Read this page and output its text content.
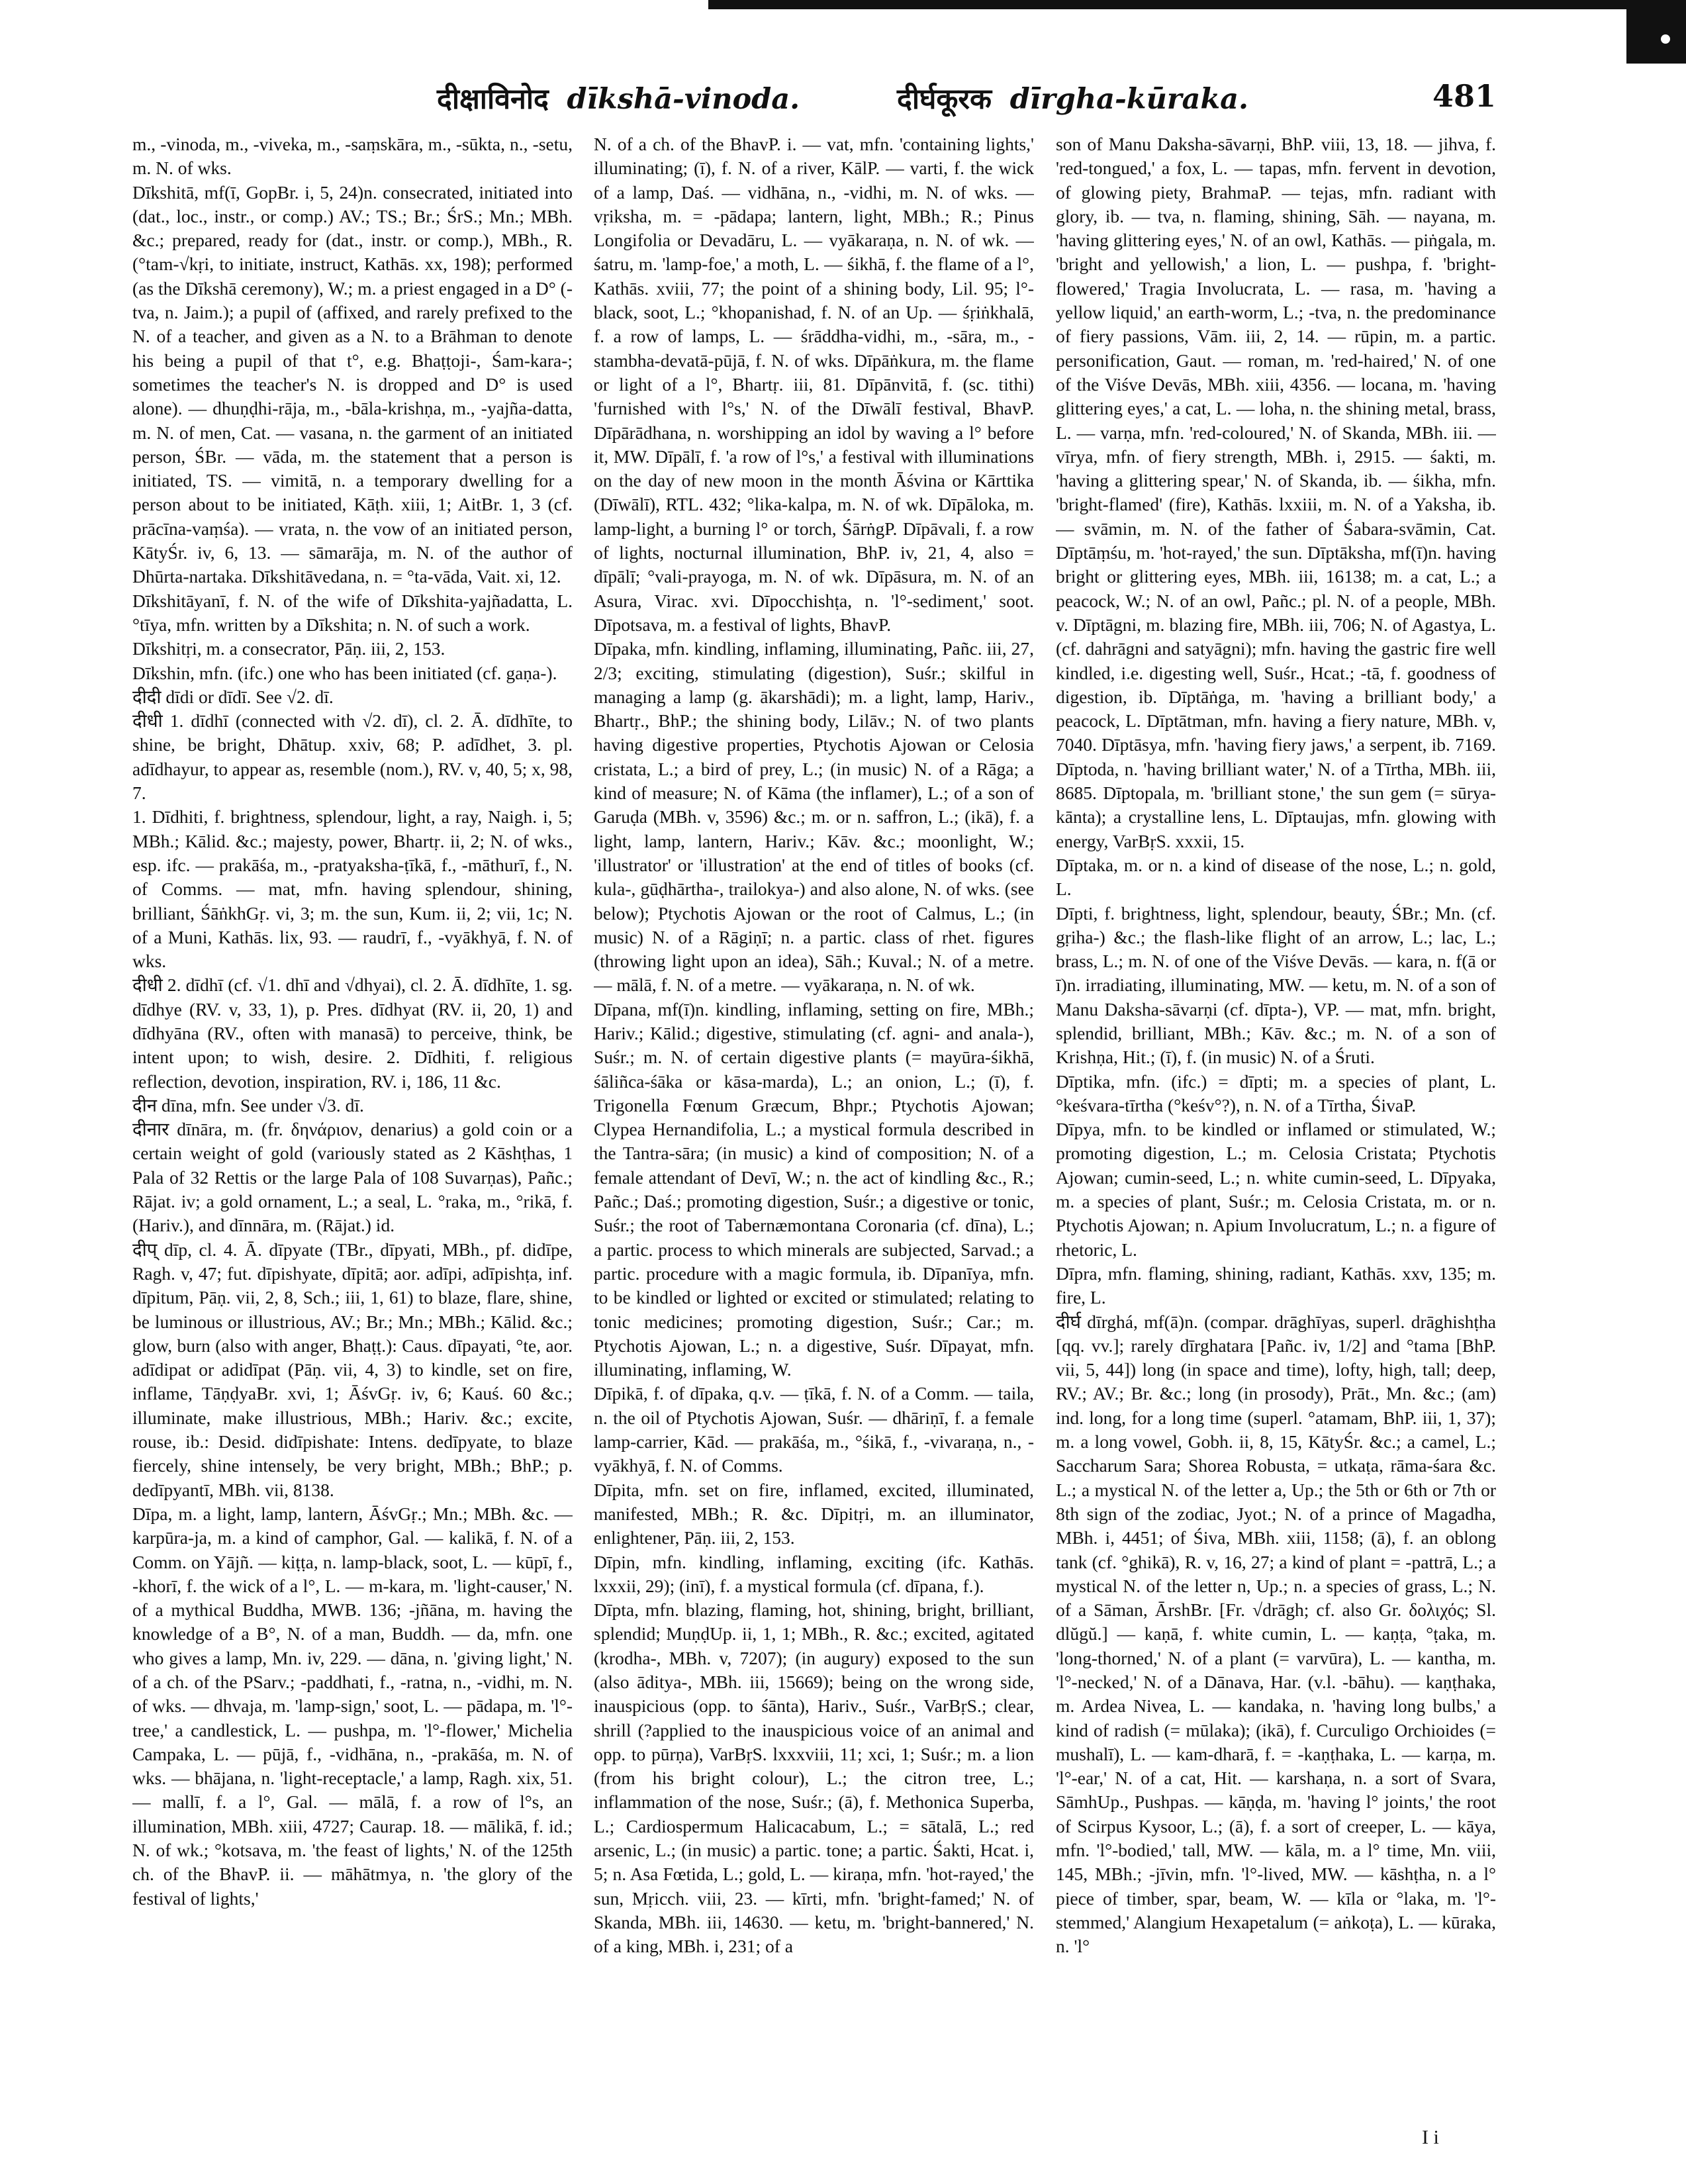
दीक्षाविनोद dīkshā-vinoda.	दीर्घकूरक dīrgha-kūraka.	481

m., -vinoda, m., -viveka, m., -saṃskāra, m., -sūkta, n., -setu, m. N. of wks.

Dīkshitā, mf(ī, GopBr. i, 5, 24)n. consecrated, initiated into (dat., loc., instr., or comp.) AV.; TS.; Br.; ŚrS.; Mn.; MBh. &c.; prepared, ready for (dat., instr. or comp.), MBh., R. (°tam-√kṛi, to initiate, instruct, Kathās. xx, 198); performed (as the Dīkshā ceremony), W.; m. a priest engaged in a D° (-tva, n. Jaim.); a pupil of (affixed, and rarely prefixed to the N. of a teacher, and given as a N. to a Brāhman to denote his being a pupil of that t°, e.g. Bhaṭṭoji-, Śam-kara-; sometimes the teacher's N. is dropped and D° is used alone). — dhuṇḍhi-rāja, m., -bāla-krishṇa, m., -yajña-datta, m. N. of men, Cat. — vasana, n. the garment of an initiated person, ŚBr. — vāda, m. the statement that a person is initiated, TS. — vimitā, n. a temporary dwelling for a person about to be initiated, Kāṭh. xiii, 1; AitBr. 1, 3 (cf. prācīna-vaṃśa). — vrata, n. the vow of an initiated person, KātyŚr. iv, 6, 13. — sāmarāja, m. N. of the author of Dhūrta-nartaka. Dīkshitāvedana, n. = °ta-vāda, Vait. xi, 12.

Dīkshitāyanī, f. N. of the wife of Dīkshita-yajñadatta, L. °tīya, mfn. written by a Dīkshita; n. N. of such a work.

Dīkshitṛi, m. a consecrator, Pāṇ. iii, 2, 153.

Dīkshin, mfn. (ifc.) one who has been initiated (cf. gaṇa-).

दीदी dīdi or dīdī. See √2. dī.

दीधी 1. dīdhī (connected with √2. dī), cl. 2. Ā. dīdhīte, to shine, be bright, Dhātup. xxiv, 68; P. adīdhet, 3. pl. adīdhayur, to appear as, resemble (nom.), RV. v, 40, 5; x, 98, 7.

1. Dīdhiti, f. brightness, splendour, light, a ray, Naigh. i, 5; MBh.; Kālid. &c.; majesty, power, Bhartṛ. ii, 2; N. of wks., esp. ifc. — prakāśa, m., -pratyaksha-ṭīkā, f., -māthurī, f., N. of Comms. — mat, mfn. having splendour, shining, brilliant, ŚāṅkhGṛ. vi, 3; m. the sun, Kum. ii, 2; vii, 1c; N. of a Muni, Kathās. lix, 93. — raudrī, f., -vyākhyā, f. N. of wks.

दीधी 2. dīdhī (cf. √1. dhī and √dhyai), cl. 2. Ā. dīdhīte, 1. sg. dīdhye (RV. v, 33, 1), p. Pres. dīdhyat (RV. ii, 20, 1) and dīdhyāna (RV., often with manasā) to perceive, think, be intent upon; to wish, desire. 2. Dīdhiti, f. religious reflection, devotion, inspiration, RV. i, 186, 11 &c.

दीन dīna, mfn. See under √3. dī.

दीनार dīnāra, m. (fr. δηνάριον, denarius) a gold coin or a certain weight of gold (variously stated as 2 Kāshṭhas, 1 Pala of 32 Rettis or the large Pala of 108 Suvarṇas), Pañc.; Rājat. iv; a gold ornament, L.; a seal, L. °raka, m., °rikā, f. (Hariv.), and dīnnāra, m. (Rājat.) id.

दीप् dīp, cl. 4. Ā. dīpyate (TBr., dīpyati, MBh., pf. didīpe, Ragh. v, 47; fut. dīpishyate, dīpitā; aor. adīpi, adīpishṭa, inf. dīpitum, Pāṇ. vii, 2, 8, Sch.; iii, 1, 61) to blaze, flare, shine, be luminous or illustrious, AV.; Br.; Mn.; MBh.; Kālid. &c.; glow, burn (also with anger, Bhaṭṭ.): Caus. dīpayati, °te, aor. adīdipat or adidīpat (Pāṇ. vii, 4, 3) to kindle, set on fire, inflame, TāṇḍyaBr. xvi, 1; ĀśvGṛ. iv, 6; Kauś. 60 &c.; illuminate, make illustrious, MBh.; Hariv. &c.; excite, rouse, ib.: Desid. didīpishate: Intens. dedīpyate, to blaze fiercely, shine intensely, be very bright, MBh.; BhP.; p. dedīpyantī, MBh. vii, 8138.

Dīpa, m. a light, lamp, lantern, ĀśvGṛ.; Mn.; MBh. &c. — karpūra-ja, m. a kind of camphor, Gal. — kalikā, f. N. of a Comm. on Yājñ. — kiṭṭa, n. lamp-black, soot, L. — kūpī, f., -khorī, f. the wick of a l°, L. — m-kara, m. 'light-causer,' N. of a mythical Buddha, MWB. 136; -jñāna, m. having the knowledge of a B°, N. of a man, Buddh. — da, mfn. one who gives a lamp, Mn. iv, 229. — dāna, n. 'giving light,' N. of a ch. of the PSarv.; -paddhati, f., -ratna, n., -vidhi, m. N. of wks. — dhvaja, m. 'lamp-sign,' soot, L. — pādapa, m. 'l°-tree,' a candlestick, L. — pushpa, m. 'l°-flower,' Michelia Campaka, L. — pūjā, f., -vidhāna, n., -prakāśa, m. N. of wks. — bhājana, n. 'light-receptacle,' a lamp, Ragh. xix, 51. — mallī, f. a l°, Gal. — mālā, f. a row of l°s, an illumination, MBh. xiii, 4727; Caurap. 18. — mālikā, f. id.; N. of wk.; °kotsava, m. 'the feast of lights,' N. of the 125th ch. of the BhavP. ii. — māhātmya, n. 'the glory of the festival of lights,'

N. of a ch. of the BhavP. i. — vat, mfn. 'containing lights,' illuminating; (ī), f. N. of a river, KālP. — varti, f. the wick of a lamp, Daś. — vidhāna, n., -vidhi, m. N. of wks. — vṛiksha, m. = -pādapa; lantern, light, MBh.; R.; Pinus Longifolia or Devadāru, L. — vyākaraṇa, n. N. of wk. — śatru, m. 'lamp-foe,' a moth, L. — śikhā, f. the flame of a l°, Kathās. xviii, 77; the point of a shining body, Lil. 95; l°-black, soot, L.; °khopanishad, f. N. of an Up. — śṛiṅkhalā, f. a row of lamps, L. — śrāddha-vidhi, m., -sāra, m., -stambha-devatā-pūjā, f. N. of wks. Dīpāṅkura, m. the flame or light of a l°, Bhartṛ. iii, 81. Dīpānvitā, f. (sc. tithi) 'furnished with l°s,' N. of the Dīwālī festival, BhavP. Dīpārādhana, n. worshipping an idol by waving a l° before it, MW. Dīpālī, f. 'a row of l°s,' a festival with illuminations on the day of new moon in the month Āśvina or Kārttika (Dīwālī), RTL. 432; °lika-kalpa, m. N. of wk. Dīpāloka, m. lamp-light, a burning l° or torch, ŚārṅgP. Dīpāvali, f. a row of lights, nocturnal illumination, BhP. iv, 21, 4, also = dīpālī; °vali-prayoga, m. N. of wk. Dīpāsura, m. N. of an Asura, Virac. xvi. Dīpocchishṭa, n. 'l°-sediment,' soot. Dīpotsava, m. a festival of lights, BhavP.

Dīpaka, mfn. kindling, inflaming, illuminating, Pañc. iii, 27, 2/3; exciting, stimulating (digestion), Suśr.; skilful in managing a lamp (g. ākarshādi); m. a light, lamp, Hariv., Bhartṛ., BhP.; the shining body, Lilāv.; N. of two plants having digestive properties, Ptychotis Ajowan or Celosia cristata, L.; a bird of prey, L.; (in music) N. of a Rāga; a kind of measure; N. of Kāma (the inflamer), L.; of a son of Garuḍa (MBh. v, 3596) &c.; m. or n. saffron, L.; (ikā), f. a light, lamp, lantern, Hariv.; Kāv. &c.; moonlight, W.; 'illustrator' or 'illustration' at the end of titles of books (cf. kula-, gūḍhārtha-, trailokya-) and also alone, N. of wks. (see below); Ptychotis Ajowan or the root of Calmus, L.; (in music) N. of a Rāgiṇī; n. a partic. class of rhet. figures (throwing light upon an idea), Sāh.; Kuval.; N. of a metre. — mālā, f. N. of a metre. — vyākaraṇa, n. N. of wk.

Dīpana, mf(ī)n. kindling, inflaming, setting on fire, MBh.; Hariv.; Kālid.; digestive, stimulating (cf. agni- and anala-), Suśr.; m. N. of certain digestive plants (= mayūra-śikhā, śāliñca-śāka or kāsa-marda), L.; an onion, L.; (ī), f. Trigonella Fœnum Græcum, Bhpr.; Ptychotis Ajowan; Clypea Hernandifolia, L.; a mystical formula described in the Tantra-sāra; (in music) a kind of composition; N. of a female attendant of Devī, W.; n. the act of kindling &c., R.; Pañc.; Daś.; promoting digestion, Suśr.; a digestive or tonic, Suśr.; the root of Tabernæmontana Coronaria (cf. dīna), L.; a partic. process to which minerals are subjected, Sarvad.; a partic. procedure with a magic formula, ib. Dīpanīya, mfn. to be kindled or lighted or excited or stimulated; relating to tonic medicines; promoting digestion, Suśr.; Car.; m. Ptychotis Ajowan, L.; n. a digestive, Suśr. Dīpayat, mfn. illuminating, inflaming, W.

Dīpikā, f. of dīpaka, q.v. — ṭīkā, f. N. of a Comm. — taila, n. the oil of Ptychotis Ajowan, Suśr. — dhāriṇī, f. a female lamp-carrier, Kād. — prakāśa, m., °śikā, f., -vivaraṇa, n., -vyākhyā, f. N. of Comms.

Dīpita, mfn. set on fire, inflamed, excited, illuminated, manifested, MBh.; R. &c. Dīpitṛi, m. an illuminator, enlightener, Pāṇ. iii, 2, 153.

Dīpin, mfn. kindling, inflaming, exciting (ifc. Kathās. lxxxii, 29); (inī), f. a mystical formula (cf. dīpana, f.).

Dīpta, mfn. blazing, flaming, hot, shining, bright, brilliant, splendid; MuṇḍUp. ii, 1, 1; MBh., R. &c.; excited, agitated (krodha-, MBh. v, 7207); (in augury) exposed to the sun (also āditya-, MBh. iii, 15669); being on the wrong side, inauspicious (opp. to śānta), Hariv., Suśr., VarBṛS.; clear, shrill (?applied to the inauspicious voice of an animal and opp. to pūrṇa), VarBṛS. lxxxviii, 11; xci, 1; Suśr.; m. a lion (from his bright colour), L.; the citron tree, L.; inflammation of the nose, Suśr.; (ā), f. Methonica Superba, L.; Cardiospermum Halicacabum, L.; = sātalā, L.; red arsenic, L.; (in music) a partic. tone; a partic. Śakti, Hcat. i, 5; n. Asa Fœtida, L.; gold, L. — kiraṇa, mfn. 'hot-rayed,' the sun, Mṛicch. viii, 23. — kīrti, mfn. 'bright-famed;' N. of Skanda, MBh. iii, 14630. — ketu, m. 'bright-bannered,' N. of a king, MBh. i, 231; of a

son of Manu Daksha-sāvarṇi, BhP. viii, 13, 18. — jihva, f. 'red-tongued,' a fox, L. — tapas, mfn. fervent in devotion, of glowing piety, BrahmaP. — tejas, mfn. radiant with glory, ib. — tva, n. flaming, shining, Sāh. — nayana, m. 'having glittering eyes,' N. of an owl, Kathās. — piṅgala, m. 'bright and yellowish,' a lion, L. — pushpa, f. 'bright-flowered,' Tragia Involucrata, L. — rasa, m. 'having a yellow liquid,' an earth-worm, L.; -tva, n. the predominance of fiery passions, Vām. iii, 2, 14. — rūpin, m. a partic. personification, Gaut. — roman, m. 'red-haired,' N. of one of the Viśve Devās, MBh. xiii, 4356. — locana, m. 'having glittering eyes,' a cat, L. — loha, n. the shining metal, brass, L. — varṇa, mfn. 'red-coloured,' N. of Skanda, MBh. iii. — vīrya, mfn. of fiery strength, MBh. i, 2915. — śakti, m. 'having a glittering spear,' N. of Skanda, ib. — śikha, mfn. 'bright-flamed' (fire), Kathās. lxxiii, m. N. of a Yaksha, ib. — svāmin, m. N. of the father of Śabara-svāmin, Cat. Dīptāṃśu, m. 'hot-rayed,' the sun. Dīptāksha, mf(ī)n. having bright or glittering eyes, MBh. iii, 16138; m. a cat, L.; a peacock, W.; N. of an owl, Pañc.; pl. N. of a people, MBh. v. Dīptāgni, m. blazing fire, MBh. iii, 706; N. of Agastya, L. (cf. dahrāgni and satyāgni); mfn. having the gastric fire well kindled, i.e. digesting well, Suśr., Hcat.; -tā, f. goodness of digestion, ib. Dīptāṅga, m. 'having a brilliant body,' a peacock, L. Dīptātman, mfn. having a fiery nature, MBh. v, 7040. Dīptāsya, mfn. 'having fiery jaws,' a serpent, ib. 7169. Dīptoda, n. 'having brilliant water,' N. of a Tīrtha, MBh. iii, 8685. Dīptopala, m. 'brilliant stone,' the sun gem (= sūrya-kānta); a crystalline lens, L. Dīptaujas, mfn. glowing with energy, VarBṛS. xxxii, 15.

Dīptaka, m. or n. a kind of disease of the nose, L.; n. gold, L.

Dīpti, f. brightness, light, splendour, beauty, ŚBr.; Mn. (cf. gṛiha-) &c.; the flash-like flight of an arrow, L.; lac, L.; brass, L.; m. N. of one of the Viśve Devās. — kara, n. f(ā or ī)n. irradiating, illuminating, MW. — ketu, m. N. of a son of Manu Daksha-sāvarṇi (cf. dīpta-), VP. — mat, mfn. bright, splendid, brilliant, MBh.; Kāv. &c.; m. N. of a son of Krishṇa, Hit.; (ī), f. (in music) N. of a Śruti.

Dīptika, mfn. (ifc.) = dīpti; m. a species of plant, L. °keśvara-tīrtha (°keśv°?), n. N. of a Tīrtha, ŚivaP.

Dīpya, mfn. to be kindled or inflamed or stimulated, W.; promoting digestion, L.; m. Celosia Cristata; Ptychotis Ajowan; cumin-seed, L.; n. white cumin-seed, L. Dīpyaka, m. a species of plant, Suśr.; m. Celosia Cristata, m. or n. Ptychotis Ajowan; n. Apium Involucratum, L.; n. a figure of rhetoric, L.

Dīpra, mfn. flaming, shining, radiant, Kathās. xxv, 135; m. fire, L.

दीर्घ dīrghá, mf(ā)n. (compar. drāghīyas, superl. drāghishṭha [qq. vv.]; rarely dīrghatara [Pañc. iv, 1/2] and °tama [BhP. vii, 5, 44]) long (in space and time), lofty, high, tall; deep, RV.; AV.; Br. &c.; long (in prosody), Prāt., Mn. &c.; (am) ind. long, for a long time (superl. °atamam, BhP. iii, 1, 37); m. a long vowel, Gobh. ii, 8, 15, KātyŚr. &c.; a camel, L.; Saccharum Sara; Shorea Robusta, = utkaṭa, rāma-śara &c. L.; a mystical N. of the letter a, Up.; the 5th or 6th or 7th or 8th sign of the zodiac, Jyot.; N. of a prince of Magadha, MBh. i, 4451; of Śiva, MBh. xiii, 1158; (ā), f. an oblong tank (cf. °ghikā), R. v, 16, 27; a kind of plant = -pattrā, L.; a mystical N. of the letter n, Up.; n. a species of grass, L.; N. of a Sāman, ĀrshBr. [Fr. √drāgh; cf. also Gr. δολιχός; Sl. dlŭgŭ.] — kaṇā, f. white cumin, L. — kaṇṭa, °ṭaka, m. 'long-thorned,' N. of a plant (= varvūra), L. — kantha, m. 'l°-necked,' N. of a Dānava, Har. (v.l. -bāhu). — kaṇṭhaka, m. Ardea Nivea, L. — kandaka, n. 'having long bulbs,' a kind of radish (= mūlaka); (ikā), f. Curculigo Orchioides (= mushalī), L. — kam-dharā, f. = -kaṇṭhaka, L. — karṇa, m. 'l°-ear,' N. of a cat, Hit. — karshaṇa, n. a sort of Svara, SāmhUp., Pushpas. — kāṇḍa, m. 'having l° joints,' the root of Scirpus Kysoor, L.; (ā), f. a sort of creeper, L. — kāya, mfn. 'l°-bodied,' tall, MW. — kāla, m. a l° time, Mn. viii, 145, MBh.; -jīvin, mfn. 'l°-lived, MW. — kāshṭha, n. a l° piece of timber, spar, beam, W. — kīla or °laka, m. 'l°-stemmed,' Alangium Hexapetalum (= aṅkoṭa), L. — kūraka, n. 'l°

I i
